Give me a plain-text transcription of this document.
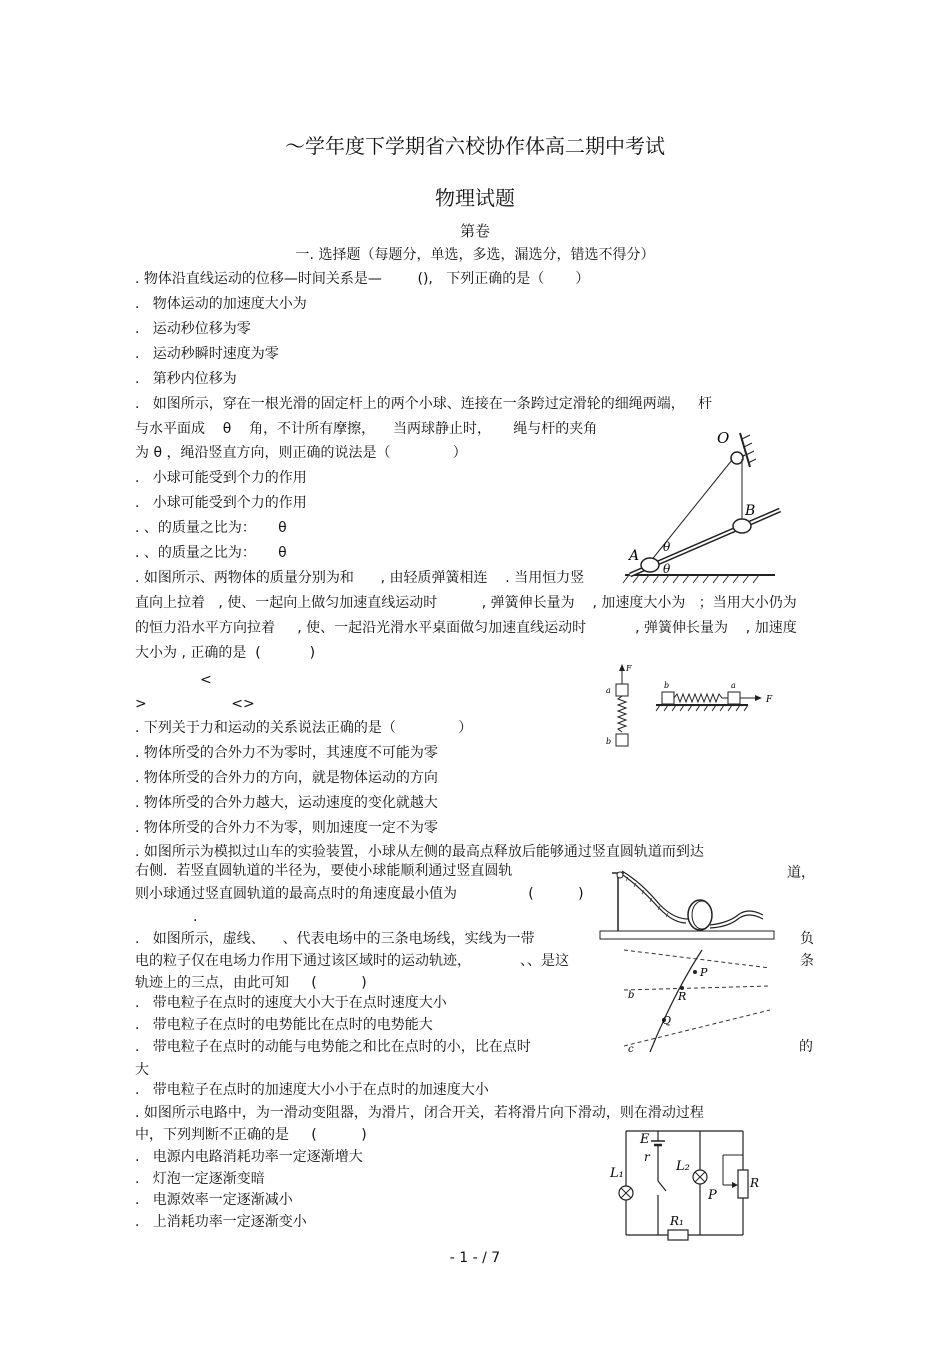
～学年度下学期省六校协作体高二期中考试
物理试题
第卷
一. 选择题（每题分，单选，多选，漏选分，错选不得分）
. 物体沿直线运动的位移—时间关系是—        (),   下列正确的是（       ）
.   物体运动的加速度大小为
.   运动秒位移为零
.   运动秒瞬时速度为零
.   第秒内位移为
.   如图所示，穿在一根光滑的固定杆上的两个小球、连接在一条跨过定滑轮的细绳两端，   杆
与水平面成    θ    角，不计所有摩擦，    当两球静止时，     绳与杆的夹角
为 θ ，绳沿竖直方向，则正确的说法是（              ）
.   小球可能受到个力的作用
.   小球可能受到个力的作用
. 、的质量之比为：     θ
. 、的质量之比为：     θ
O
B
A
θ
θ
. 如图所示、两物体的质量分别为和      , 由轻质弹簧相连    . 当用恒力竖
直向上拉着   , 使、一起向上做匀加速直线运动时          , 弹簧伸长量为    , 加速度大小为   ；当用大小仍为
的恒力沿水平方向拉着     , 使、一起沿光滑水平桌面做匀加速直线运动时           , 弹簧伸长量为    , 加速度
大小为 , 正确的是  (           )
<
>                   <>
F
a
b
b	a
F
. 下列关于力和运动的关系说法正确的是（              ）
. 物体所受的合外力不为零时，其速度不可能为零
. 物体所受的合外力的方向，就是物体运动的方向
. 物体所受的合外力越大，运动速度的变化就越大
. 物体所受的合外力不为零，则加速度一定不为零
. 如图所示为模拟过山车的实验装置，小球从左侧的最高点释放后能够通过竖直圆轨道而到达
右侧.  若竖直圆轨道的半径为，要使小球能顺利通过竖直圆轨	道，
则小球通过竖直圆轨道的最高点时的角速度最小值为                (          )
.
.   如图所示，虚线、    、代表电场中的三条电场线，实线为一带	负
电的粒子仅在电场力作用下通过该区域时的运动轨迹，           、、是这	条
轨迹上的三点，由此可知     (          )
.   带电粒子在点时的速度大小大于在点时速度大小
.   带电粒子在点时的电势能比在点时的电势能大
.   带电粒子在点时的动能与电势能之和比在点时的小，比在点时	的
大
.   带电粒子在点时的加速度大小小于在点时的加速度大小
P
R
Q
b
c
. 如图所示电路中，为一滑动变阻器，为滑片，闭合开关，若将滑片向下滑动，则在滑动过程
中，下列判断不正确的是     (          )
.   电源内电路消耗功率一定逐渐增大
.   灯泡一定逐渐变暗
.   电源效率一定逐渐减小
.   上消耗功率一定逐渐变小
E
r
L₁	L₂
P
R
R₁
- 1 - / 7
